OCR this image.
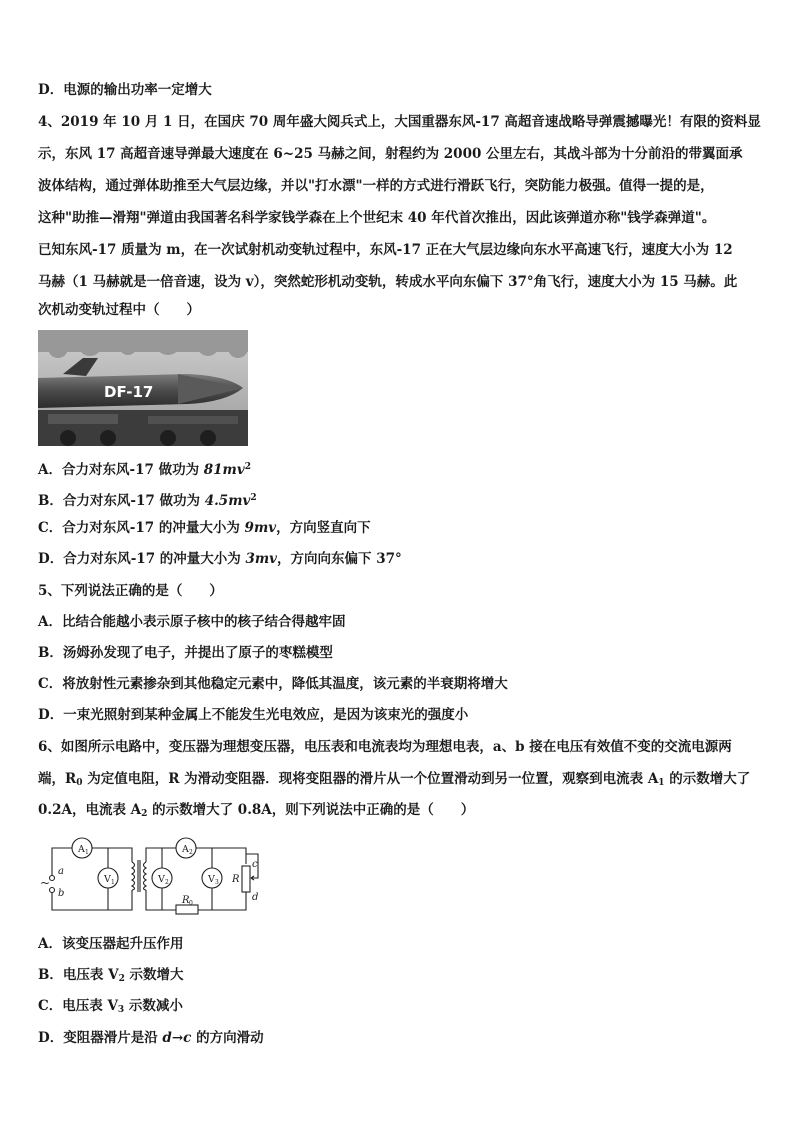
D．电源的输出功率一定增大
4、2019 年 10 月 1 日，在国庆 70 周年盛大阅兵式上，大国重器东风-17 高超音速战略导弹震撼曝光！有限的资料显
示，东风 17 高超音速导弹最大速度在 6~25 马赫之间，射程约为 2000 公里左右，其战斗部为十分前沿的带翼面承
波体结构，通过弹体助推至大气层边缘，并以"打水漂"一样的方式进行滑跃飞行，突防能力极强。值得一提的是，
这种"助推—滑翔"弹道由我国著名科学家钱学森在上个世纪末 40 年代首次推出，因此该弹道亦称"钱学森弹道"。
已知东风-17 质量为 m，在一次试射机动变轨过程中，东风-17 正在大气层边缘向东水平高速飞行，速度大小为 12
马赫（1 马赫就是一倍音速，设为 v），突然蛇形机动变轨，转成水平向东偏下 37°角飞行，速度大小为 15 马赫。此
次机动变轨过程中（　　）
DF-17
A．合力对东风-17 做功为 $81mv^2$
B．合力对东风-17 做功为 $4.5mv^2$
C．合力对东风-17 的冲量大小为 9mv，方向竖直向下
D．合力对东风-17 的冲量大小为 3mv，方向向东偏下 37°
5、下列说法正确的是（　　）
A．比结合能越小表示原子核中的核子结合得越牢固
B．汤姆孙发现了电子，并提出了原子的枣糕模型
C．将放射性元素掺杂到其他稳定元素中，降低其温度，该元素的半衰期将增大
D．一束光照射到某种金属上不能发生光电效应，是因为该束光的强度小
6、如图所示电路中，变压器为理想变压器，电压表和电流表均为理想电表，a、b 接在电压有效值不变的交流电源两
端，$R_0$ 为定值电阻，R 为滑动变阻器．现将变阻器的滑片从一个位置滑动到另一位置，观察到电流表 $A_1$ 的示数增大了
0.2A，电流表 $A_2$ 的示数增大了 0.8A，则下列说法中正确的是（　　）
A 1	A 2
V 1	V 2	V 3
R 0
R
c
d
a
b
~
A．该变压器起升压作用
B．电压表 $V_2$ 示数增大
C．电压表 $V_3$ 示数减小
D．变阻器滑片是沿 d→c 的方向滑动
